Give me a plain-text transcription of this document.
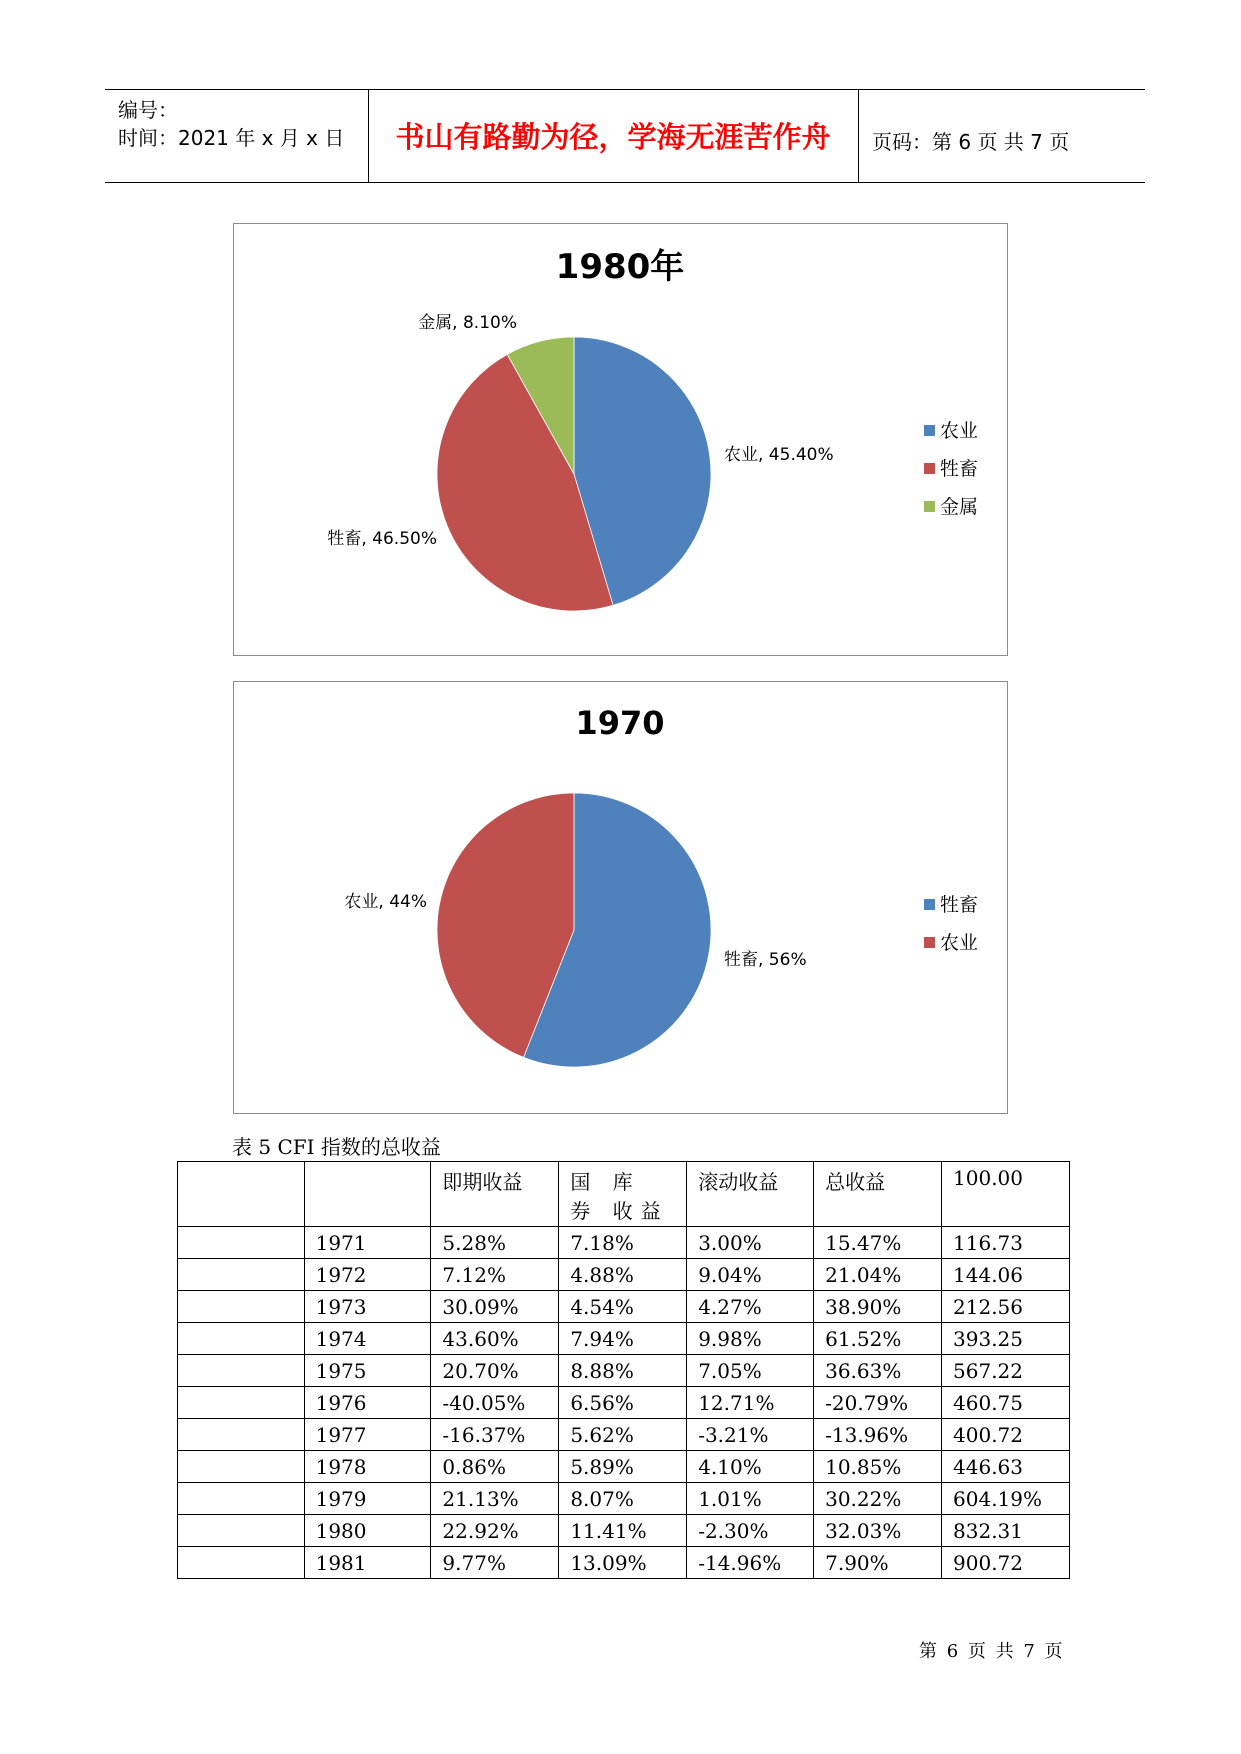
编号：
时间：2021 年 x 月 x 日	书山有路勤为径，学海无涯苦作舟	页码：第 6 页 共 7 页
1980年
农业, 45.40%
牲畜, 46.50%
金属, 8.10%
农业
牲畜
金属
1970
牲畜, 56%
农业, 44%	牲畜
农业
表 5 CFI 指数的总收益
		即期收益	国 库 券 收益	滚动收益	总收益	100.00
	1971	5.28%	7.18%	3.00%	15.47%	116.73
	1972	7.12%	4.88%	9.04%	21.04%	144.06
	1973	30.09%	4.54%	4.27%	38.90%	212.56
	1974	43.60%	7.94%	9.98%	61.52%	393.25
	1975	20.70%	8.88%	7.05%	36.63%	567.22
	1976	-40.05%	6.56%	12.71%	-20.79%	460.75
	1977	-16.37%	5.62%	-3.21%	-13.96%	400.72
	1978	0.86%	5.89%	4.10%	10.85%	446.63
	1979	21.13%	8.07%	1.01%	30.22%	604.19%
	1980	22.92%	11.41%	-2.30%	32.03%	832.31
	1981	9.77%	13.09%	-14.96%	7.90%	900.72
第 6 页 共 7 页
